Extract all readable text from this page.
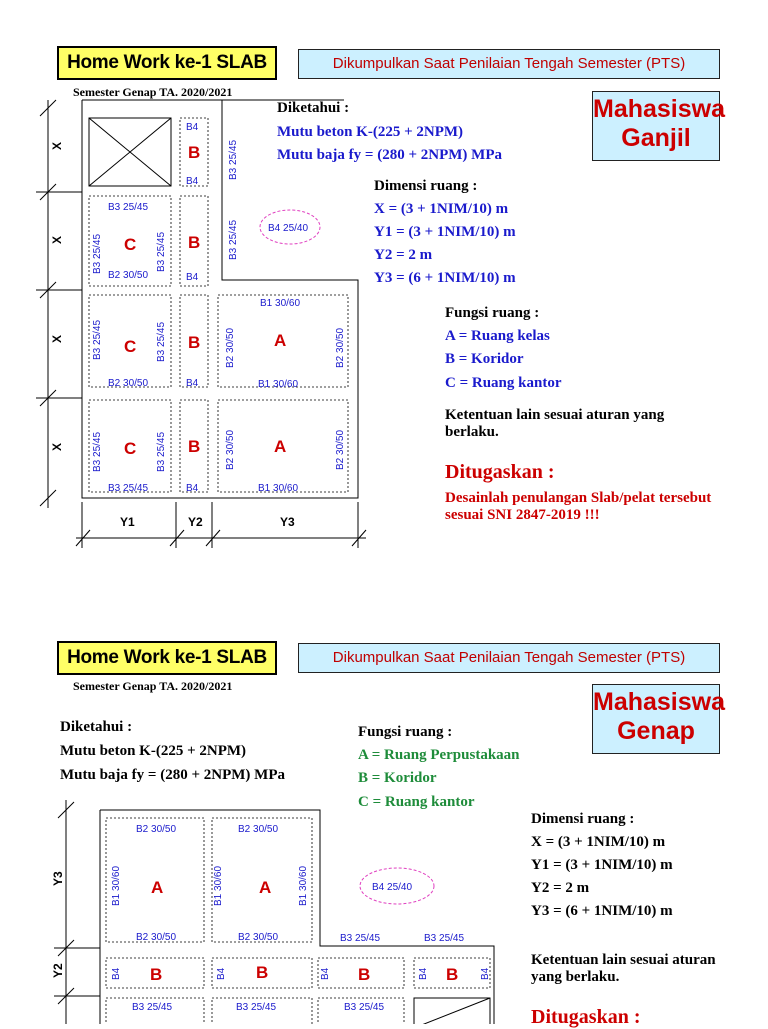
Home Work ke-1 SLAB	Dikumpulkan Saat Penilaian Tengah Semester (PTS)
Semester Genap TA. 2020/2021
Mahasiswa
Ganjil
Diketahui :
Mutu beton K-(225 + 2NPM)
Mutu baja fy = (280 + 2NPM) MPa
Dimensi ruang :
X = (3 + 1NIM/10) m
Y1 = (3 + 1NIM/10) m
Y2 = 2 m
Y3 = (6 + 1NIM/10) m
Fungsi ruang :
A = Ruang kelas
B = Koridor
C = Ruang kantor
Ketentuan lain sesuai aturan yang berlaku.
Ditugaskan :
Desainlah penulangan Slab/pelat tersebut sesuai SNI 2847-2019 !!!
X
X
X
X
Y1	Y2	Y3
B
B
B
B
C
C
C
A
A
B4
B4
B4
B4
B4
B3 25/45
B2 30/50
B2 30/50
B3 25/45
B1 30/60
B1 30/60
B1 30/60
B4 25/40
B3 25/45
B3 25/45
B3 25/45	B3 25/45
B3 25/45	B3 25/45
B3 25/45	B3 25/45
B2 30/50	B2 30/50
B2 30/50	B2 30/50
Home Work ke-1 SLAB	Dikumpulkan Saat Penilaian Tengah Semester (PTS)
Semester Genap TA. 2020/2021
Mahasiswa
Genap
Diketahui :
Mutu beton K-(225 + 2NPM)
Mutu baja fy = (280 + 2NPM) MPa
Fungsi ruang :
A = Ruang Perpustakaan
B = Koridor
C = Ruang kantor
Dimensi ruang :
X = (3 + 1NIM/10) m
Y1 = (3 + 1NIM/10) m
Y2 = 2 m
Y3 = (6 + 1NIM/10) m
Ketentuan lain sesuai aturan yang berlaku.
Ditugaskan :
Y3
Y2
A	A
B	B	B	B
B2 30/50	B2 30/50
B2 30/50	B2 30/50	B3 25/45	B3 25/45
B3 25/45	B3 25/45	B3 25/45
B4 25/40
B1 30/60	B1 30/60	B1 30/60
B4	B4	B4	B4	B4
